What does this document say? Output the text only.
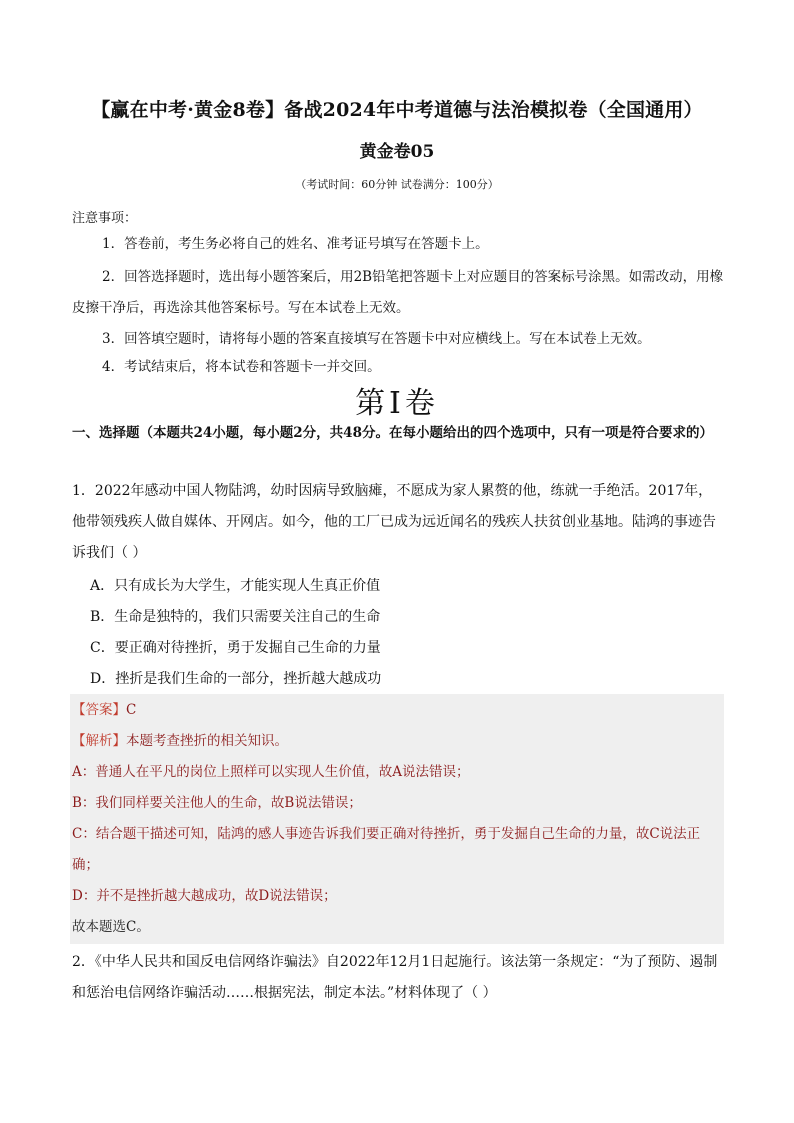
【赢在中考·黄金8卷】备战2024年中考道德与法治模拟卷（全国通用）
黄金卷05
（考试时间：60分钟 试卷满分：100分）
注意事项：

1．答卷前，考生务必将自己的姓名、准考证号填写在答题卡上。

2．回答选择题时，选出每小题答案后，用2B铅笔把答题卡上对应题目的答案标号涂黑。如需改动，用橡皮擦干净后，再选涂其他答案标号。写在本试卷上无效。

3．回答填空题时，请将每小题的答案直接填写在答题卡中对应横线上。写在本试卷上无效。

4．考试结束后，将本试卷和答题卡一并交回。

第Ⅰ卷

一、选择题（本题共24小题，每小题2分，共48分。在每小题给出的四个选项中，只有一项是符合要求的）

1．2022年感动中国人物陆鸿，幼时因病导致脑瘫，不愿成为家人累赘的他，练就一手绝活。2017年，他带领残疾人做自媒体、开网店。如今，他的工厂已成为远近闻名的残疾人扶贫创业基地。陆鸿的事迹告诉我们（ ）

A．只有成长为大学生，才能实现人生真正价值
B．生命是独特的，我们只需要关注自己的生命
C．要正确对待挫折，勇于发掘自己生命的力量
D．挫折是我们生命的一部分，挫折越大越成功

【答案】C

【解析】本题考查挫折的相关知识。

A：普通人在平凡的岗位上照样可以实现人生价值，故A说法错误；

B：我们同样要关注他人的生命，故B说法错误；

C：结合题干描述可知，陆鸿的感人事迹告诉我们要正确对待挫折，勇于发掘自己生命的力量，故C说法正确；

D：并不是挫折越大越成功，故D说法错误；

故本题选C。

2．《中华人民共和国反电信网络诈骗法》自2022年12月1日起施行。该法第一条规定：“为了预防、遏制和惩治电信网络诈骗活动……根据宪法，制定本法。”材料体现了（ ）
